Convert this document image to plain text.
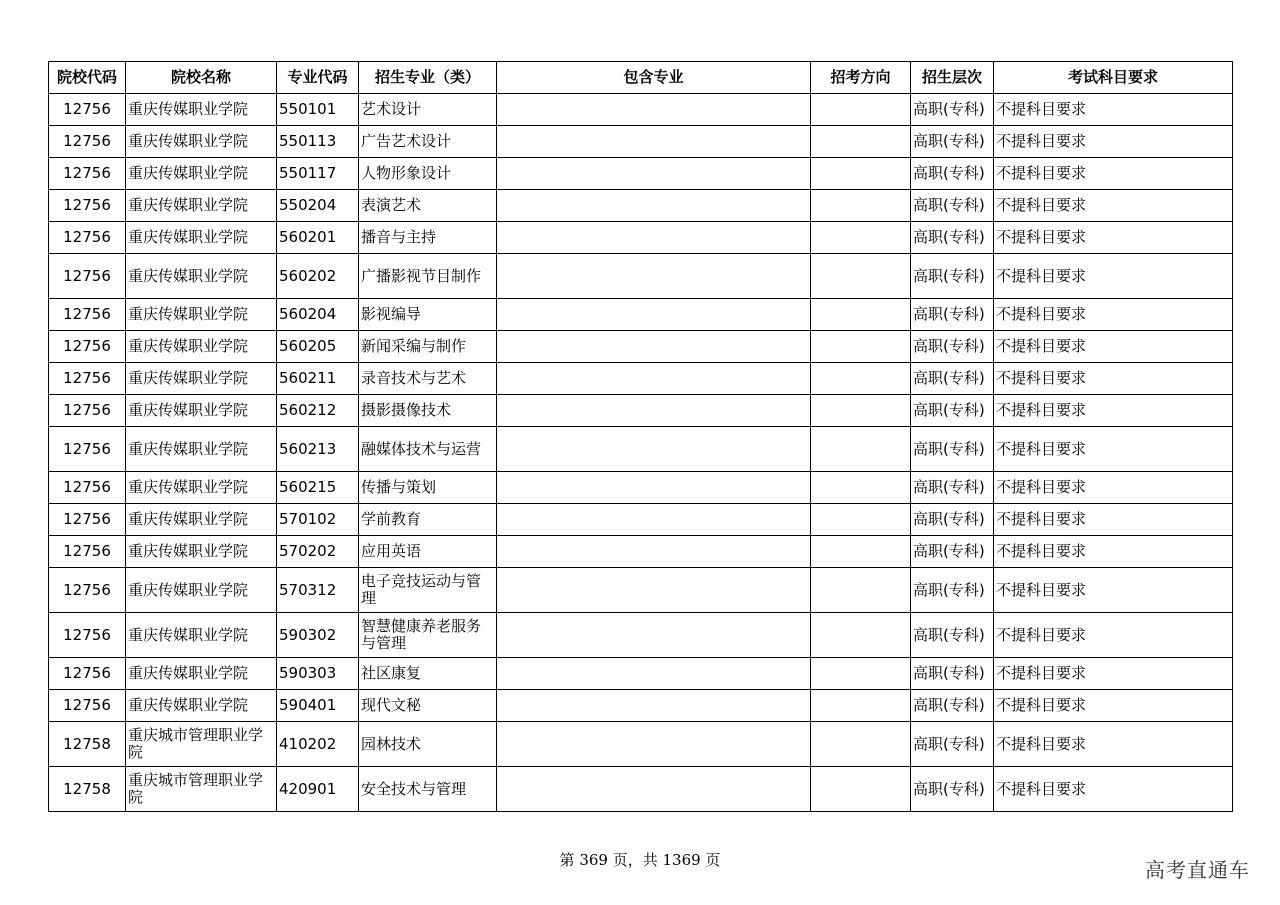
院校代码	院校名称	专业代码	招生专业（类）	包含专业	招考方向	招生层次	考试科目要求
12756	重庆传媒职业学院	550101	艺术设计			高职(专科)	不提科目要求
12756	重庆传媒职业学院	550113	广告艺术设计			高职(专科)	不提科目要求
12756	重庆传媒职业学院	550117	人物形象设计			高职(专科)	不提科目要求
12756	重庆传媒职业学院	550204	表演艺术			高职(专科)	不提科目要求
12756	重庆传媒职业学院	560201	播音与主持			高职(专科)	不提科目要求
12756	重庆传媒职业学院	560202	广播影视节目制作			高职(专科)	不提科目要求
12756	重庆传媒职业学院	560204	影视编导			高职(专科)	不提科目要求
12756	重庆传媒职业学院	560205	新闻采编与制作			高职(专科)	不提科目要求
12756	重庆传媒职业学院	560211	录音技术与艺术			高职(专科)	不提科目要求
12756	重庆传媒职业学院	560212	摄影摄像技术			高职(专科)	不提科目要求
12756	重庆传媒职业学院	560213	融媒体技术与运营			高职(专科)	不提科目要求
12756	重庆传媒职业学院	560215	传播与策划			高职(专科)	不提科目要求
12756	重庆传媒职业学院	570102	学前教育			高职(专科)	不提科目要求
12756	重庆传媒职业学院	570202	应用英语			高职(专科)	不提科目要求
12756	重庆传媒职业学院	570312	电子竞技运动与管理			高职(专科)	不提科目要求
12756	重庆传媒职业学院	590302	智慧健康养老服务与管理			高职(专科)	不提科目要求
12756	重庆传媒职业学院	590303	社区康复			高职(专科)	不提科目要求
12756	重庆传媒职业学院	590401	现代文秘			高职(专科)	不提科目要求
12758	重庆城市管理职业学院	410202	园林技术			高职(专科)	不提科目要求
12758	重庆城市管理职业学院	420901	安全技术与管理			高职(专科)	不提科目要求
第 369 页，共 1369 页	高考直通车
